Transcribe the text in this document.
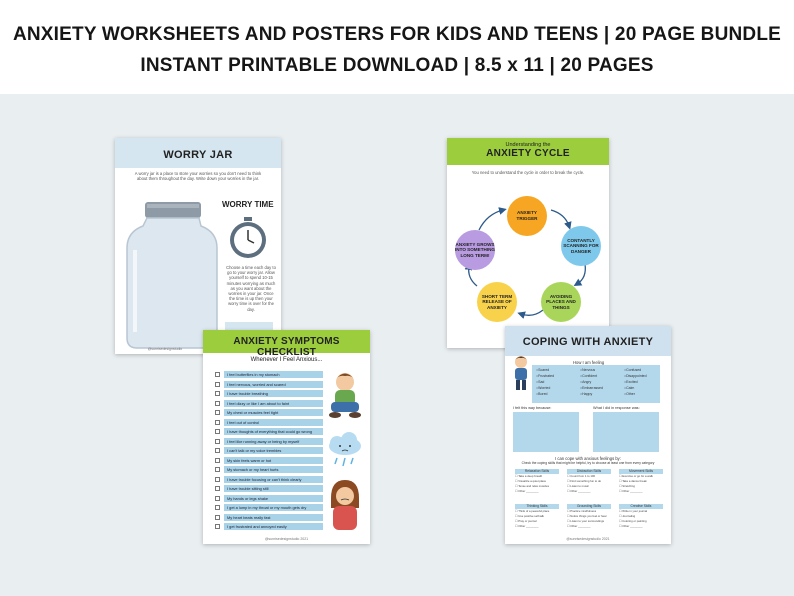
ANXIETY WORKSHEETS AND POSTERS FOR KIDS AND TEENS | 20 PAGE BUNDLE
INSTANT PRINTABLE DOWNLOAD | 8.5 x 11 | 20 PAGES
WORRY JAR
A worry jar is a place to store your worries so you don't need to think about them throughout the day. Write down your worries in the jar.
WORRY TIME
Choose a time each day to go to your worry jar. Allow yourself to spend 10-15 minutes worrying as much as you want about the worries in your jar. Once the time is up then your worry time is over for the day.
@sunrisedesignstudio
Understanding the
ANXIETY CYCLE
You need to understand the cycle in order to break the cycle.
ANXIETY TRIGGER
CONTANTLY SCANNING FOR DANGER
AVOIDING PLACES AND THINGS
SHORT TERM RELEASE OF ANXIETY
ANXIETY GROWS INTO SOMETHING LONG TERM!
ANXIETY SYMPTOMS CHECKLIST
Whenever I Feel Anxious...
I feel butterflies in my stomach
I feel nervous, worried and scared
I have trouble breathing
I feel dizzy or like I am about to faint
My chest or muscles feel tight
I feel out of control
I have thoughts of everything that could go wrong
I feel like running away or being by myself
I can't talk or my voice trembles
My skin feels warm or hot
My stomach or my heart hurts
I have trouble focusing or can't think clearly
I have trouble sitting still
My hands or legs shake
I get a lump in my throat or my mouth gets dry
My heart beats really fast
I get frustrated and annoyed easily
@sunrisedesignstudio 2021
COPING WITH ANXIETY
How I am feeling
○ Scared	○ Nervous	○ Confused
○ Frustrated	○ Confident	○ Disappointed
○ Sad	○ Angry	○ Excited
○ Worried	○ Embarrassed	○ Calm
○ Bored	○ Happy	○ Other
I felt this way because:	What I did in response was:
I can cope with anxious feelings by:
Check the coping skills that might be helpful, try to choose at least one from every category
Relaxation Skills
☐ Take a deep breath
☐ Visualize a quiet place
☐ Tense and relax muscles
☐ Other ________
Distraction Skills
☐ Count from 1 to 100
☐ Find something fun to do
☐ Listen to music
☐ Other ________
Movement Skills
☐ Exercise or go for a walk
☐ Take a dance break
☐ Stretching
☐ Other ________
Thinking Skills
☐ Think of a peaceful place
☐ Use positive self-talk
☐ Pray or journal
☐ Other ________
Grounding Skills
☐ Practice mindfulness
☐ Notice things you feel or hear
☐ Listen to your surroundings
☐ Other ________
Creative Skills
☐ Write in your journal
☐ Journaling
☐ Coloring or painting
☐ Other ________
@sunrisedesignstudio 2021
